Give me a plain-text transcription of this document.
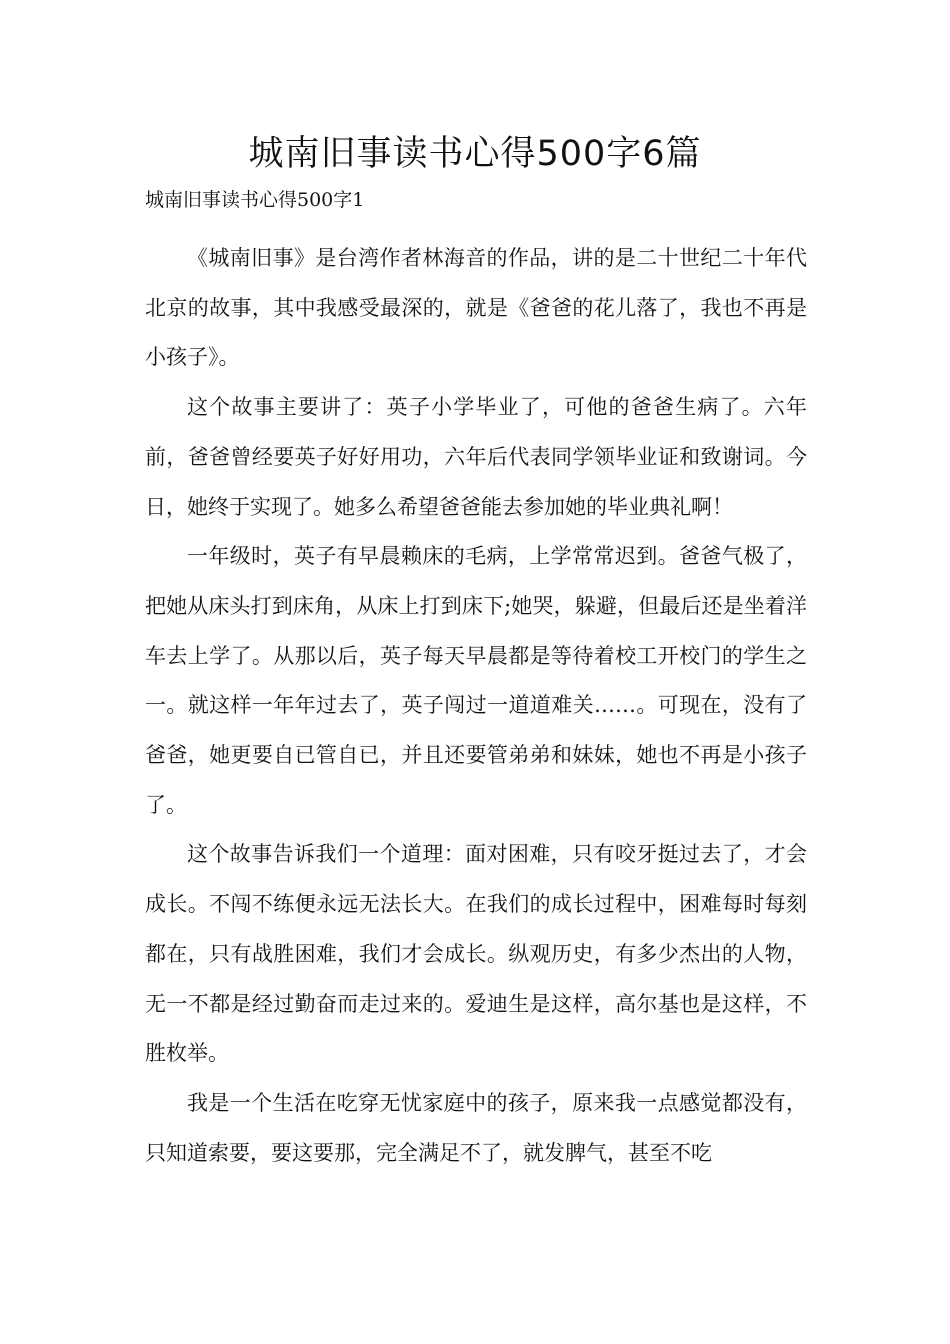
城南旧事读书心得500字6篇

城南旧事读书心得500字1

《城南旧事》是台湾作者林海音的作品，讲的是二十世纪二十年代北京的故事，其中我感受最深的，就是《爸爸的花儿落了，我也不再是小孩子》。

这个故事主要讲了：英子小学毕业了，可他的爸爸生病了。六年前，爸爸曾经要英子好好用功，六年后代表同学领毕业证和致谢词。今日，她终于实现了。她多么希望爸爸能去参加她的毕业典礼啊！

一年级时，英子有早晨赖床的毛病，上学常常迟到。爸爸气极了，把她从床头打到床角，从床上打到床下;她哭，躲避，但最后还是坐着洋车去上学了。从那以后，英子每天早晨都是等待着校工开校门的学生之一。就这样一年年过去了，英子闯过一道道难关……。可现在，没有了爸爸，她更要自已管自已，并且还要管弟弟和妹妹，她也不再是小孩子了。

这个故事告诉我们一个道理：面对困难，只有咬牙挺过去了，才会成长。不闯不练便永远无法长大。在我们的成长过程中，困难每时每刻都在，只有战胜困难，我们才会成长。纵观历史，有多少杰出的人物，无一不都是经过勤奋而走过来的。爱迪生是这样，高尔基也是这样，不胜枚举。

我是一个生活在吃穿无忧家庭中的孩子，原来我一点感觉都没有，只知道索要，要这要那，完全满足不了，就发脾气，甚至不吃
